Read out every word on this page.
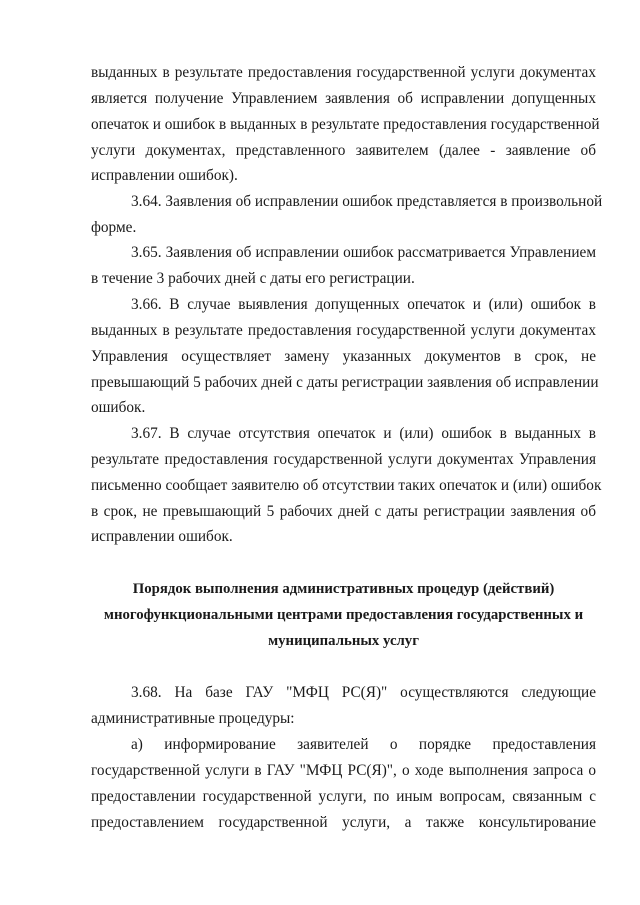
выданных в результате предоставления государственной услуги документах
является получение Управлением заявления об исправлении допущенных
опечаток и ошибок в выданных в результате предоставления государственной
услуги документах, представленного заявителем (далее - заявление об
исправлении ошибок).
3.64. Заявления об исправлении ошибок представляется в произвольной
форме.
3.65. Заявления об исправлении ошибок рассматривается Управлением
в течение 3 рабочих дней с даты его регистрации.
3.66. В случае выявления допущенных опечаток и (или) ошибок в
выданных в результате предоставления государственной услуги документах
Управления осуществляет замену указанных документов в срок, не
превышающий 5 рабочих дней с даты регистрации заявления об исправлении
ошибок.
3.67. В случае отсутствия опечаток и (или) ошибок в выданных в
результате предоставления государственной услуги документах Управления
письменно сообщает заявителю об отсутствии таких опечаток и (или) ошибок
в срок, не превышающий 5 рабочих дней с даты регистрации заявления об
исправлении ошибок.
Порядок выполнения административных процедур (действий)
многофункциональными центрами предоставления государственных и
муниципальных услуг
3.68. На базе ГАУ "МФЦ РС(Я)" осуществляются следующие
административные процедуры:
а) информирование заявителей о порядке предоставления
государственной услуги в ГАУ "МФЦ РС(Я)", о ходе выполнения запроса о
предоставлении государственной услуги, по иным вопросам, связанным с
предоставлением государственной услуги, а также консультирование
